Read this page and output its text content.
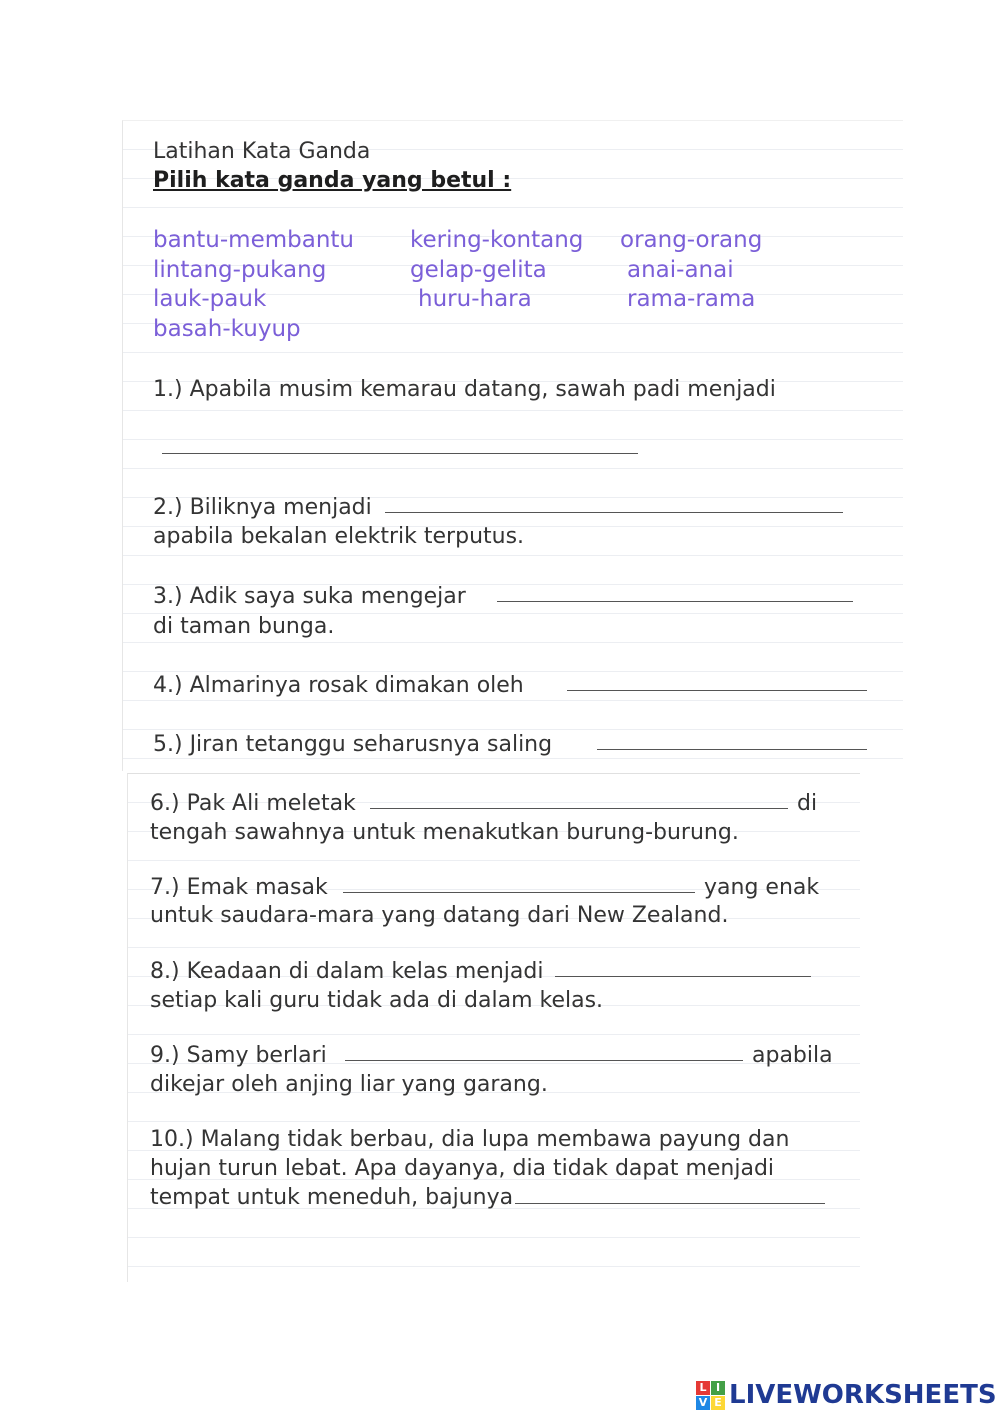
Latihan Kata Ganda
Pilih kata ganda yang betul :
bantu-membantu kering-kontang orang-orang
lintang-pukang	gelap-gelita	anai-anai
lauk-pauk	huru-hara	rama-rama
basah-kuyup
1.) Apabila musim kemarau datang, sawah padi menjadi
2.) Biliknya menjadi
apabila bekalan elektrik terputus.
3.) Adik saya suka mengejar
di taman bunga.
4.) Almarinya rosak dimakan oleh
5.) Jiran tetanggu seharusnya saling
6.) Pak Ali meletak	di
tengah sawahnya untuk menakutkan burung-burung.
7.) Emak masak	yang enak
untuk saudara-mara yang datang dari New Zealand.
8.) Keadaan di dalam kelas menjadi
setiap kali guru tidak ada di dalam kelas.
9.) Samy berlari	apabila
dikejar oleh anjing liar yang garang.
10.) Malang tidak berbau, dia lupa membawa payung dan
hujan turun lebat. Apa dayanya, dia tidak dapat menjadi
tempat untuk meneduh, bajunya
L I
V E LIVEWORKSHEETS
